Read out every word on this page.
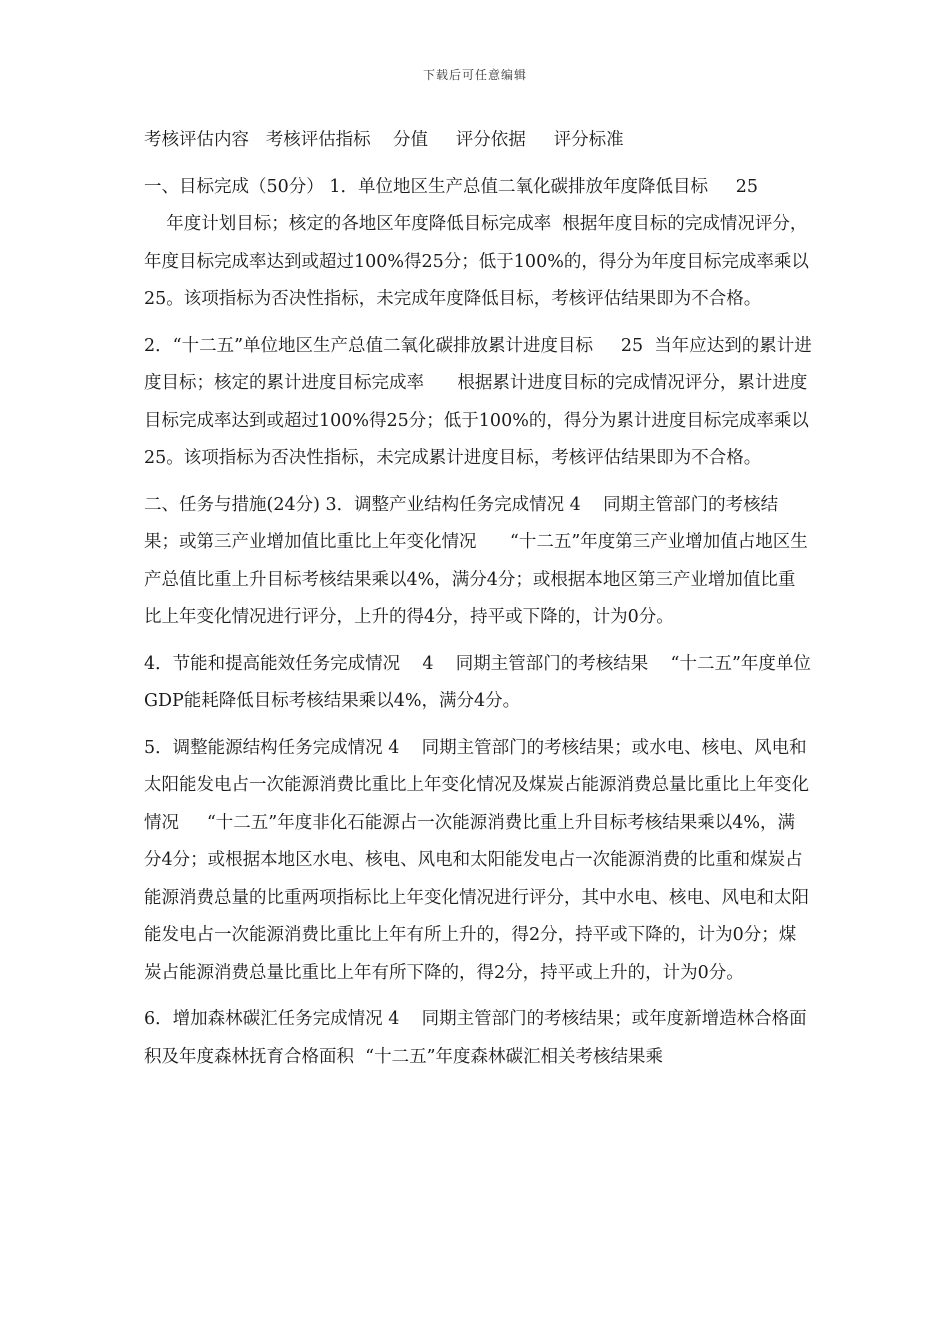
下载后可任意编辑

考核评估内容   考核评估指标    分值     评分依据     评分标准

一、目标完成（50分） 1．单位地区生产总值二氧化碳排放年度降低目标     25
年度计划目标；核定的各地区年度降低目标完成率  根据年度目标的完成情况评分，年度目标完成率达到或超过100%得25分；低于100%的，得分为年度目标完成率乘以25。该项指标为否决性指标，未完成年度降低目标，考核评估结果即为不合格。

2．“十二五”单位地区生产总值二氧化碳排放累计进度目标     25  当年应达到的累计进度目标；核定的累计进度目标完成率      根据累计进度目标的完成情况评分，累计进度目标完成率达到或超过100%得25分；低于100%的，得分为累计进度目标完成率乘以25。该项指标为否决性指标，未完成累计进度目标，考核评估结果即为不合格。

二、任务与措施(24分) 3．调整产业结构任务完成情况 4    同期主管部门的考核结果；或第三产业增加值比重比上年变化情况      “十二五”年度第三产业增加值占地区生产总值比重上升目标考核结果乘以4%，满分4分；或根据本地区第三产业增加值比重比上年变化情况进行评分，上升的得4分，持平或下降的，计为0分。

4．节能和提高能效任务完成情况    4    同期主管部门的考核结果    “十二五”年度单位GDP能耗降低目标考核结果乘以4%，满分4分。

5．调整能源结构任务完成情况 4    同期主管部门的考核结果；或水电、核电、风电和太阳能发电占一次能源消费比重比上年变化情况及煤炭占能源消费总量比重比上年变化情况     “十二五”年度非化石能源占一次能源消费比重上升目标考核结果乘以4%，满分4分；或根据本地区水电、核电、风电和太阳能发电占一次能源消费的比重和煤炭占能源消费总量的比重两项指标比上年变化情况进行评分，其中水电、核电、风电和太阳能发电占一次能源消费比重比上年有所上升的，得2分，持平或下降的，计为0分；煤炭占能源消费总量比重比上年有所下降的，得2分，持平或上升的，计为0分。

6．增加森林碳汇任务完成情况 4    同期主管部门的考核结果；或年度新增造林合格面积及年度森林抚育合格面积  “十二五”年度森林碳汇相关考核结果乘
